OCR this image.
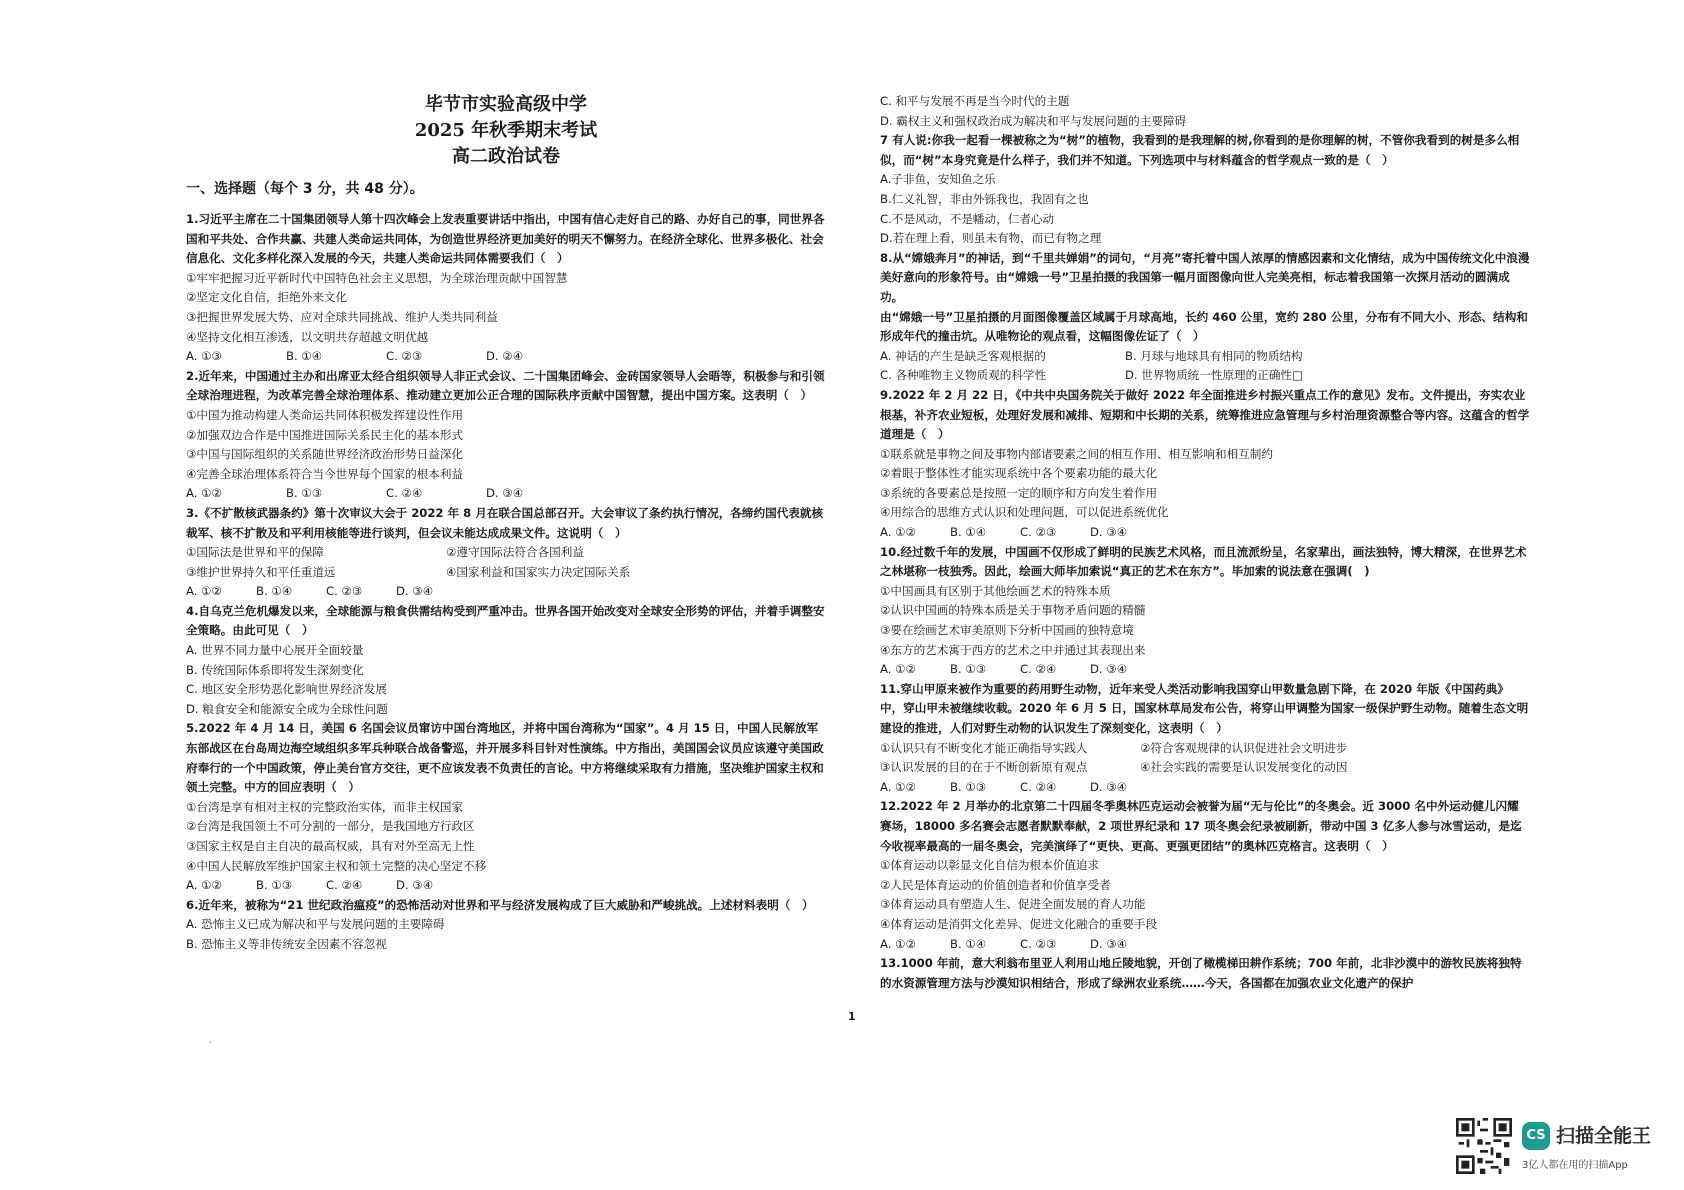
毕节市实验高级中学
2025 年秋季期末考试
高二政治试卷
一、选择题（每个 3 分，共 48 分）。

1.习近平主席在二十国集团领导人第十四次峰会上发表重要讲话中指出，中国有信心走好自己的路、办好自己的事，同世界各国和平共处、合作共赢、共建人类命运共同体，为创造世界经济更加美好的明天不懈努力。在经济全球化、世界多极化、社会信息化、文化多样化深入发展的今天，共建人类命运共同体需要我们（　）

①牢牢把握习近平新时代中国特色社会主义思想，为全球治理贡献中国智慧

②坚定文化自信，拒绝外来文化

③把握世界发展大势、应对全球共同挑战、维护人类共同利益

④坚持文化相互渗透，以文明共存超越文明优越

A. ①③	B. ①④	C. ②③	D. ②④

2.近年来，中国通过主办和出席亚太经合组织领导人非正式会议、二十国集团峰会、金砖国家领导人会晤等，积极参与和引领全球治理进程，为改革完善全球治理体系、推动建立更加公正合理的国际秩序贡献中国智慧，提出中国方案。这表明（　）

①中国为推动构建人类命运共同体积极发挥建设性作用

②加强双边合作是中国推进国际关系民主化的基本形式

③中国与国际组织的关系随世界经济政治形势日益深化

④完善全球治理体系符合当今世界每个国家的根本利益

A. ①②	B. ①③	C. ②④	D. ③④

3.《不扩散核武器条约》第十次审议大会于 2022 年 8 月在联合国总部召开。大会审议了条约执行情况，各缔约国代表就核裁军、核不扩散及和平利用核能等进行谈判，但会议未能达成成果文件。这说明（　）

①国际法是世界和平的保障	②遵守国际法符合各国利益
③维护世界持久和平任重道远	④国家利益和国家实力决定国际关系
A. ①②	B. ①④	C. ②③	D. ③④

4.自乌克兰危机爆发以来，全球能源与粮食供需结构受到严重冲击。世界各国开始改变对全球安全形势的评估，并着手调整安全策略。由此可见（　）

A. 世界不同力量中心展开全面较量

B. 传统国际体系即将发生深刻变化

C. 地区安全形势恶化影响世界经济发展

D. 粮食安全和能源安全成为全球性问题

5.2022 年 4 月 14 日，美国 6 名国会议员窜访中国台湾地区，并将中国台湾称为“国家”。4 月 15 日，中国人民解放军东部战区在台岛周边海空域组织多军兵种联合战备警巡，并开展多科目针对性演练。中方指出，美国国会议员应该遵守美国政府奉行的一个中国政策，停止美台官方交往，更不应该发表不负责任的言论。中方将继续采取有力措施，坚决维护国家主权和领土完整。中方的回应表明（　）

①台湾是享有相对主权的完整政治实体，而非主权国家

②台湾是我国领土不可分割的一部分，是我国地方行政区

③国家主权是自主自决的最高权威，具有对外至高无上性

④中国人民解放军维护国家主权和领土完整的决心坚定不移

A. ①②	B. ①③	C. ②④	D. ③④

6.近年来，被称为“21 世纪政治瘟疫”的恐怖活动对世界和平与经济发展构成了巨大威胁和严峻挑战。上述材料表明（　）

A. 恐怖主义已成为解决和平与发展问题的主要障碍

B. 恐怖主义等非传统安全因素不容忽视

C. 和平与发展不再是当今时代的主题

D. 霸权主义和强权政治成为解决和平与发展问题的主要障碍

7 有人说:你我一起看一棵被称之为“树”的植物，我看到的是我理解的树,你看到的是你理解的树，不管你我看到的树是多么相似，而“树”本身究竟是什么样子，我们并不知道。下列选项中与材料蕴含的哲学观点一致的是（　）

A.子非鱼，安知鱼之乐

B.仁义礼智，非由外铄我也，我固有之也

C.不是风动，不是幡动，仁者心动

D.若在理上看，则虽未有物，而已有物之理

8.从“嫦娥奔月”的神话，到“千里共婵娟”的词句，“月亮”寄托着中国人浓厚的情感因素和文化情结，成为中国传统文化中浪漫美好意向的形象符号。由“嫦娥一号”卫星拍摄的我国第一幅月面图像向世人完美亮相，标志着我国第一次探月活动的圆满成功。

由“嫦娥一号”卫星拍摄的月面图像覆盖区域属于月球高地，长约 460 公里，宽约 280 公里，分布有不同大小、形态、结构和形成年代的撞击坑。从唯物论的观点看，这幅图像佐证了（　）

A. 神话的产生是缺乏客观根据的	B. 月球与地球具有相同的物质结构
C. 各种唯物主义物质观的科学性	D. 世界物质统一性原理的正确性□

9.2022 年 2 月 22 日，《中共中央国务院关于做好 2022 年全面推进乡村振兴重点工作的意见》发布。文件提出，夯实农业根基，补齐农业短板，处理好发展和减排、短期和中长期的关系，统筹推进应急管理与乡村治理资源整合等内容。这蕴含的哲学道理是（　）

①联系就是事物之间及事物内部诸要素之间的相互作用、相互影响和相互制约

②着眼于整体性才能实现系统中各个要素功能的最大化

③系统的各要素总是按照一定的顺序和方向发生着作用

④用综合的思维方式认识和处理问题，可以促进系统优化

A. ①②	B. ①④	C. ②③	D. ③④

10.经过数千年的发展，中国画不仅形成了鲜明的民族艺术风格，而且流派纷呈，名家辈出，画法独特，博大精深，在世界艺术之林堪称一枝独秀。因此，绘画大师毕加索说“真正的艺术在东方”。毕加索的说法意在强调(　)

①中国画具有区别于其他绘画艺术的特殊本质

②认识中国画的特殊本质是关于事物矛盾问题的精髓

③要在绘画艺术审美原则下分析中国画的独特意境

④东方的艺术寓于西方的艺术之中并通过其表现出来

A. ①②	B. ①③	C. ②④	D. ③④

11.穿山甲原来被作为重要的药用野生动物，近年来受人类活动影响我国穿山甲数量急剧下降，在 2020 年版《中国药典》中，穿山甲未被继续收载。2020 年 6 月 5 日，国家林草局发布公告，将穿山甲调整为国家一级保护野生动物。随着生态文明建设的推进，人们对野生动物的认识发生了深刻变化，这表明（　）

①认识只有不断变化才能正确指导实践人	②符合客观规律的认识促进社会文明进步
③认识发展的目的在于不断创新原有观点	④社会实践的需要是认识发展变化的动因
A. ①②	B. ①③	C. ②④	D. ③④

12.2022 年 2 月举办的北京第二十四届冬季奥林匹克运动会被誉为届“无与伦比”的冬奥会。近 3000 名中外运动健儿闪耀赛场，18000 多名赛会志愿者默默奉献，2 项世界纪录和 17 项冬奥会纪录被刷新，带动中国 3 亿多人参与冰雪运动，是迄今收视率最高的一届冬奥会，完美演绎了“更快、更高、更强更团结”的奥林匹克格言。这表明（　）

①体育运动以彰显文化自信为根本价值追求

②人民是体育运动的价值创造者和价值享受者

③体育运动具有塑造人生、促进全面发展的育人功能

④体育运动是消弭文化差异、促进文化融合的重要手段

A. ①②	B. ①④	C. ②③	D. ③④

13.1000 年前，意大利翁布里亚人利用山地丘陵地貌，开创了橄榄梯田耕作系统；700 年前，北非沙漠中的游牧民族将独特的水资源管理方法与沙漠知识相结合，形成了绿洲农业系统……今天，各国都在加强农业文化遗产的保护

1
·
CS 扫描全能王
3亿人都在用的扫描App
